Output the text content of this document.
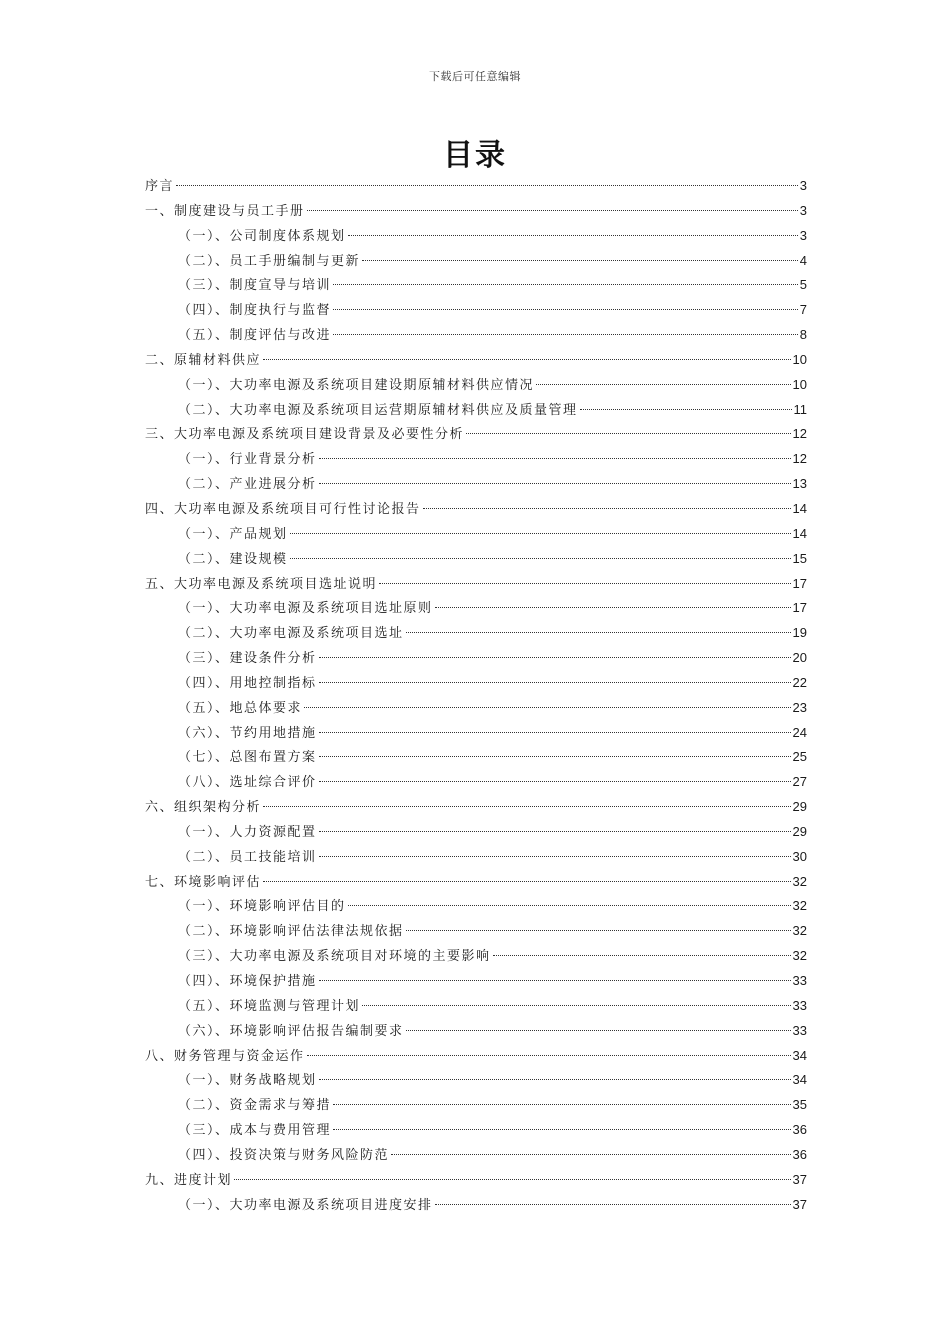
下载后可任意编辑
目录
序言	3
一、制度建设与员工手册	3
（一）、公司制度体系规划	3
（二）、员工手册编制与更新	4
（三）、制度宣导与培训	5
（四）、制度执行与监督	7
（五）、制度评估与改进	8
二、原辅材料供应	10
（一）、大功率电源及系统项目建设期原辅材料供应情况	10
（二）、大功率电源及系统项目运营期原辅材料供应及质量管理	11
三、大功率电源及系统项目建设背景及必要性分析	12
（一）、行业背景分析	12
（二）、产业进展分析	13
四、大功率电源及系统项目可行性讨论报告	14
（一）、产品规划	14
（二）、建设规模	15
五、大功率电源及系统项目选址说明	17
（一）、大功率电源及系统项目选址原则	17
（二）、大功率电源及系统项目选址	19
（三）、建设条件分析	20
（四）、用地控制指标	22
（五）、地总体要求	23
（六）、节约用地措施	24
（七）、总图布置方案	25
（八）、选址综合评价	27
六、组织架构分析	29
（一）、人力资源配置	29
（二）、员工技能培训	30
七、环境影响评估	32
（一）、环境影响评估目的	32
（二）、环境影响评估法律法规依据	32
（三）、大功率电源及系统项目对环境的主要影响	32
（四）、环境保护措施	33
（五）、环境监测与管理计划	33
（六）、环境影响评估报告编制要求	33
八、财务管理与资金运作	34
（一）、财务战略规划	34
（二）、资金需求与筹措	35
（三）、成本与费用管理	36
（四）、投资决策与财务风险防范	36
九、进度计划	37
（一）、大功率电源及系统项目进度安排	37
